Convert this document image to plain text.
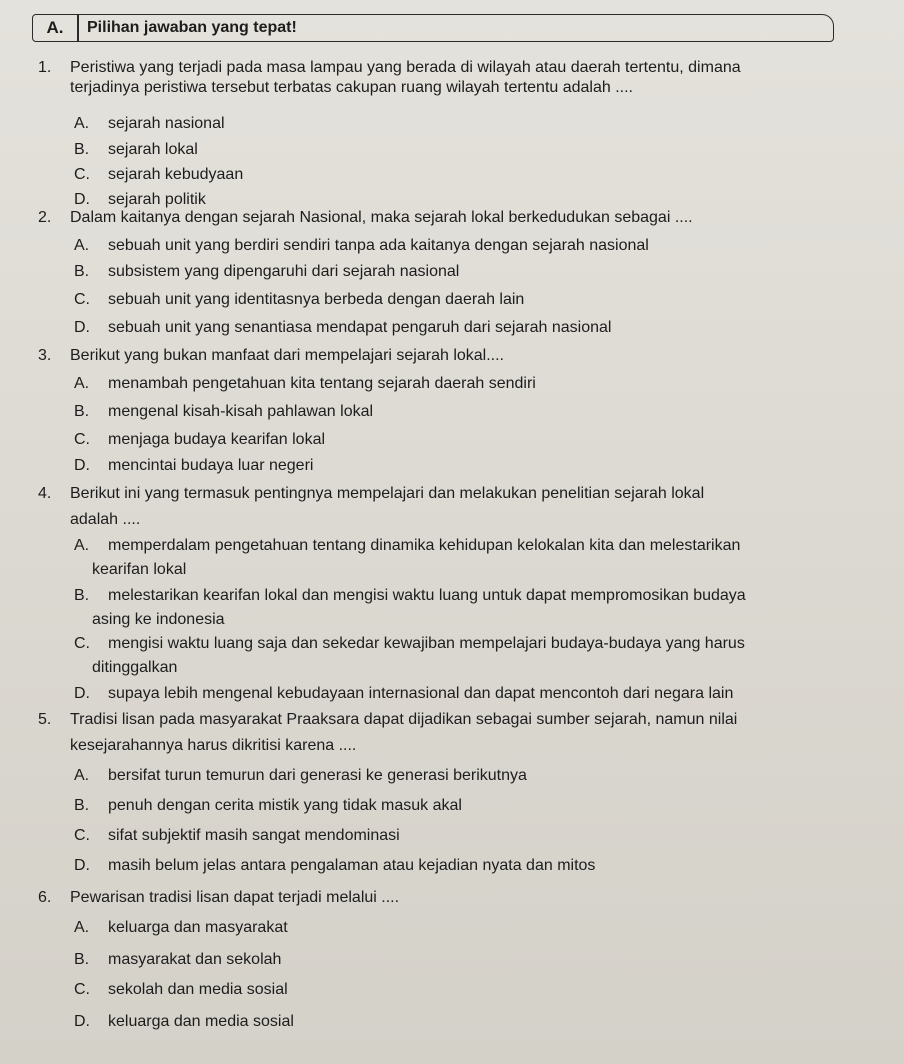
A.	Pilihan jawaban yang tepat!
1. Peristiwa yang terjadi pada masa lampau yang berada di wilayah atau daerah tertentu, dimana
terjadinya peristiwa tersebut terbatas cakupan ruang wilayah tertentu adalah ....
A. sejarah nasional
B. sejarah lokal
C. sejarah kebudyaan
D. sejarah politik
2. Dalam kaitanya dengan sejarah Nasional, maka sejarah lokal berkedudukan sebagai ....
A. sebuah unit yang berdiri sendiri tanpa ada kaitanya dengan sejarah nasional
B. subsistem yang dipengaruhi dari sejarah nasional
C. sebuah unit yang identitasnya berbeda dengan daerah lain
D. sebuah unit yang senantiasa mendapat pengaruh dari sejarah nasional
3. Berikut yang bukan manfaat dari mempelajari sejarah lokal....
A. menambah pengetahuan kita tentang sejarah daerah sendiri
B. mengenal kisah-kisah pahlawan lokal
C. menjaga budaya kearifan lokal
D. mencintai budaya luar negeri
4. Berikut ini yang termasuk pentingnya mempelajari dan melakukan penelitian sejarah lokal
adalah ....
A. memperdalam pengetahuan tentang dinamika kehidupan kelokalan kita dan melestarikan
kearifan lokal
B. melestarikan kearifan lokal dan mengisi waktu luang untuk dapat mempromosikan budaya
asing ke indonesia
C. mengisi waktu luang saja dan sekedar kewajiban mempelajari budaya-budaya yang harus
ditinggalkan
D. supaya lebih mengenal kebudayaan internasional dan dapat mencontoh dari negara lain
5. Tradisi lisan pada masyarakat Praaksara dapat dijadikan sebagai sumber sejarah, namun nilai
kesejarahannya harus dikritisi karena ....
A. bersifat turun temurun dari generasi ke generasi berikutnya
B. penuh dengan cerita mistik yang tidak masuk akal
C. sifat subjektif masih sangat mendominasi
D. masih belum jelas antara pengalaman atau kejadian nyata dan mitos
6. Pewarisan tradisi lisan dapat terjadi melalui ....
A. keluarga dan masyarakat
B. masyarakat dan sekolah
C. sekolah dan media sosial
D. keluarga dan media sosial
